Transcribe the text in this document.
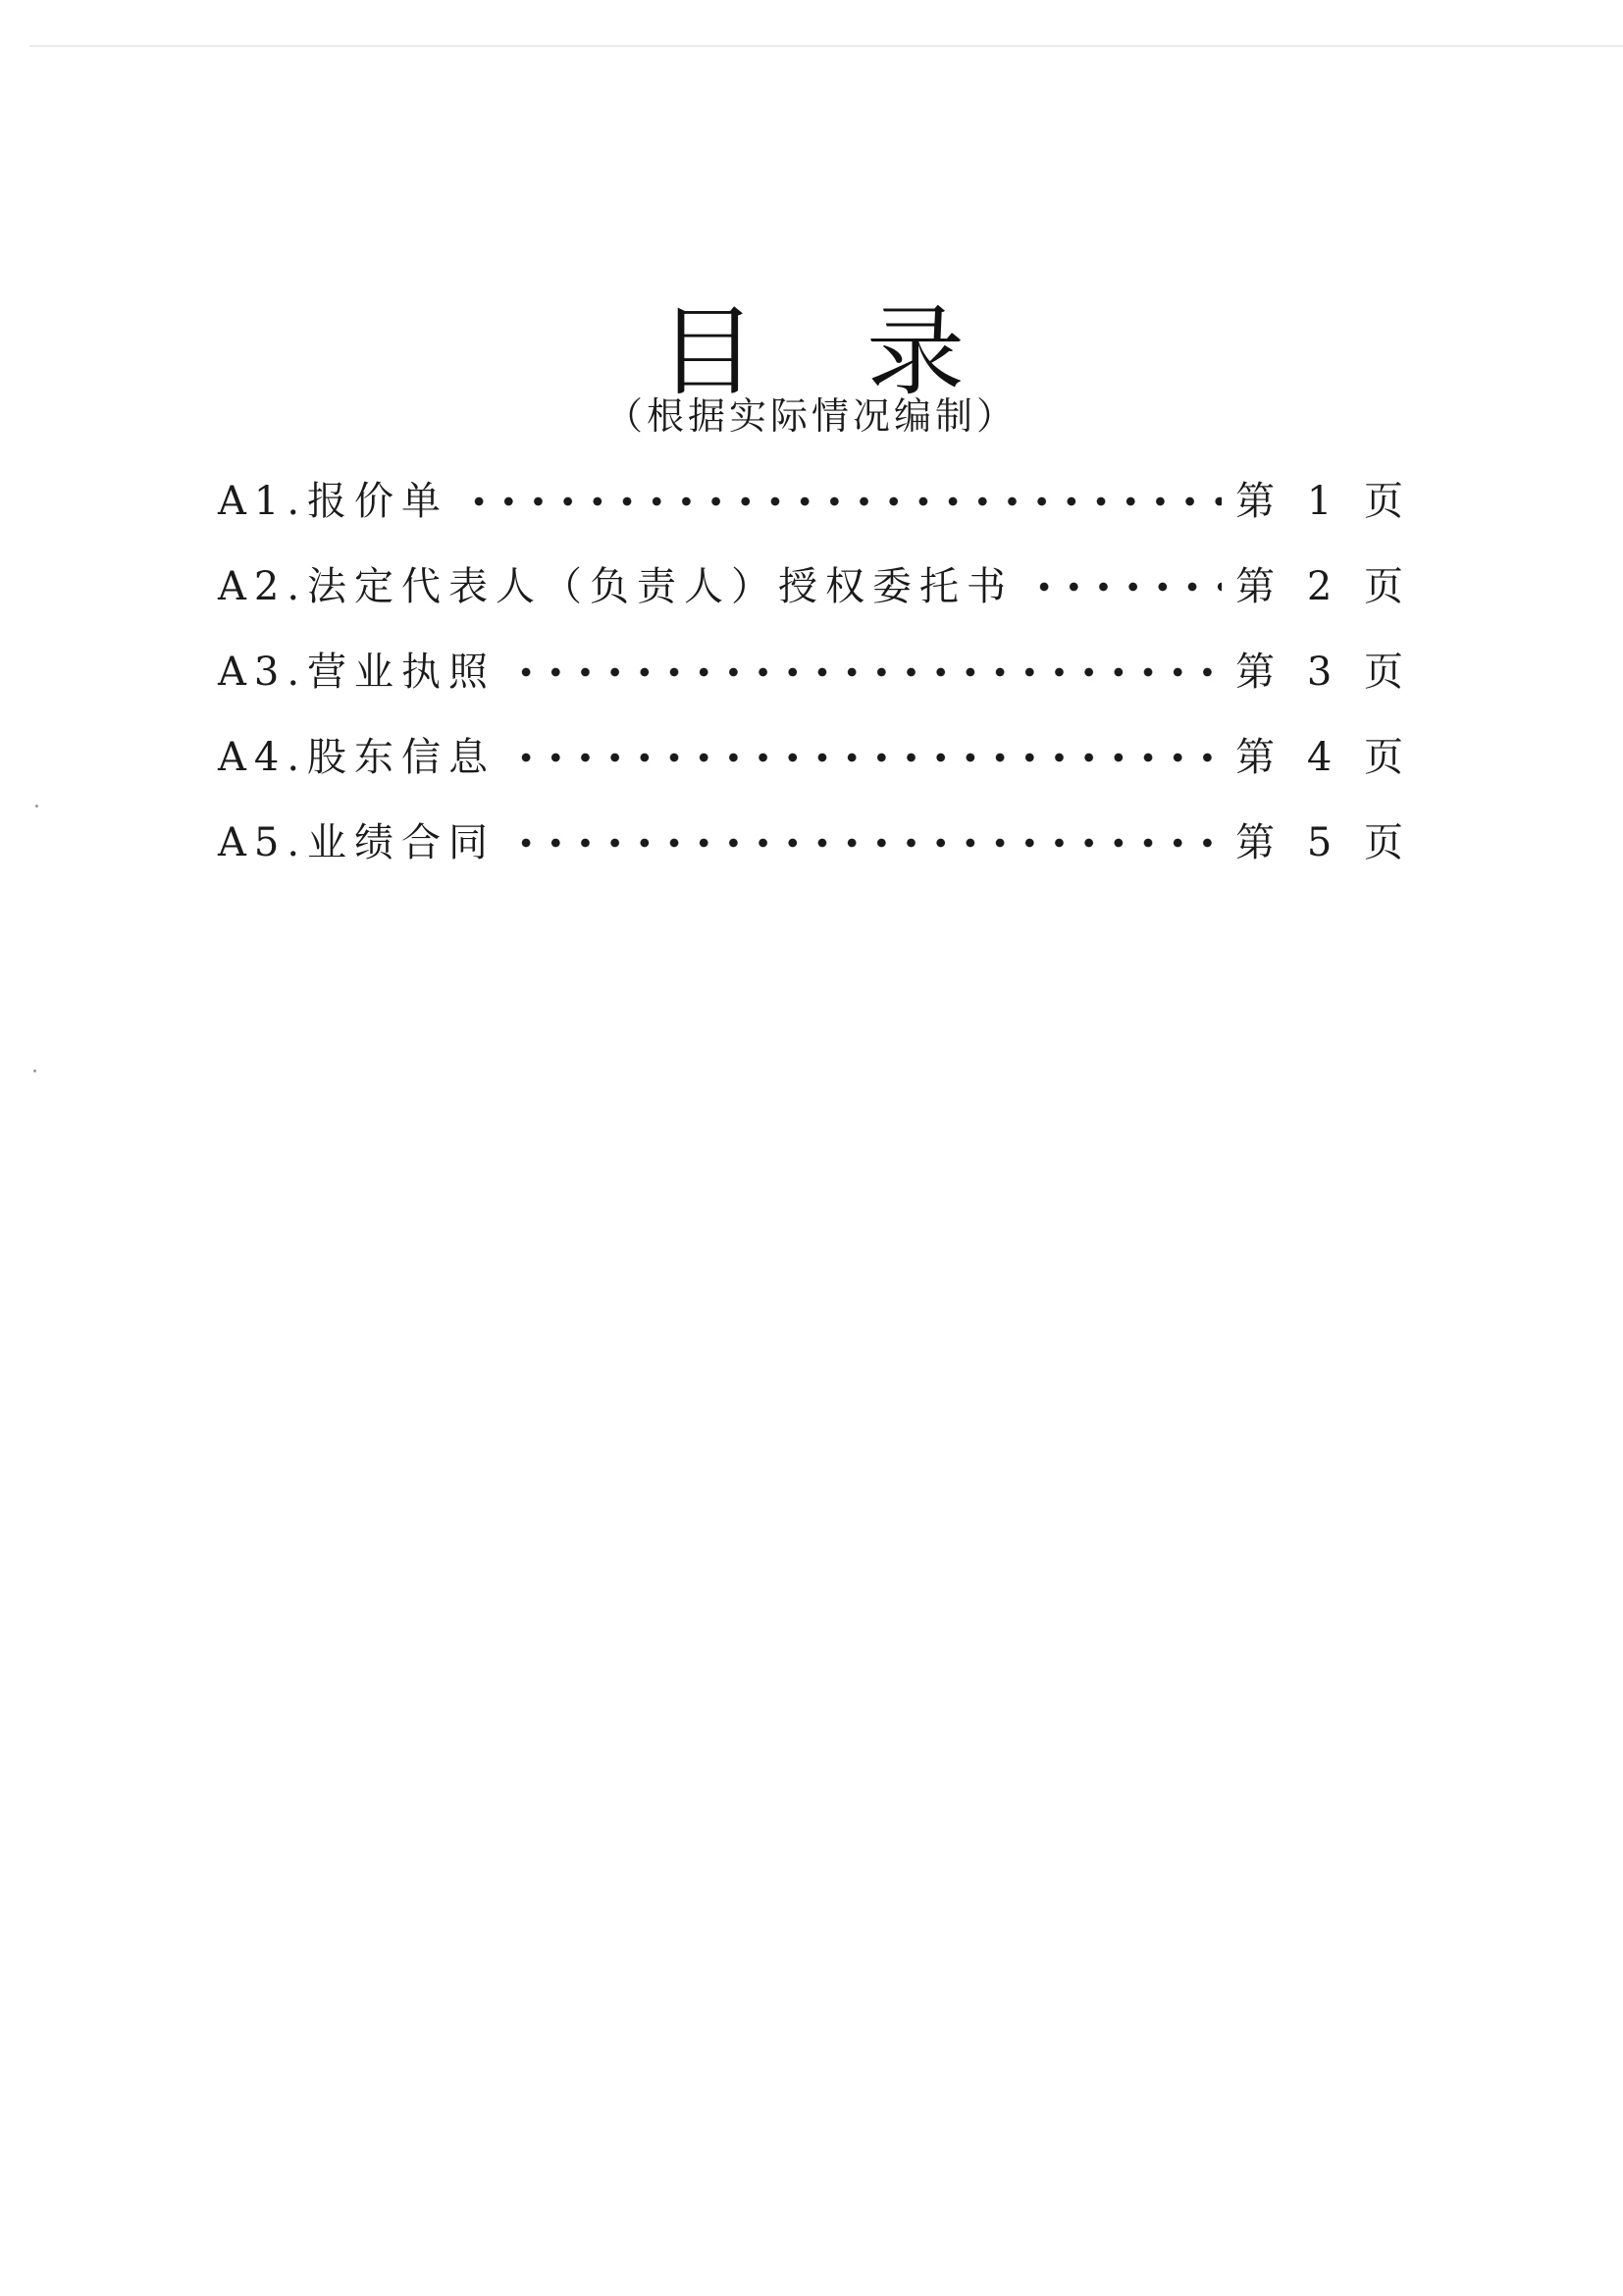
目录
（根据实际情况编制）
A1.报价单	第 1 页
A2.法定代表人（负责人）授权委托书	第 2 页
A3.营业执照	第 3 页
A4.股东信息	第 4 页
A5.业绩合同	第 5 页
